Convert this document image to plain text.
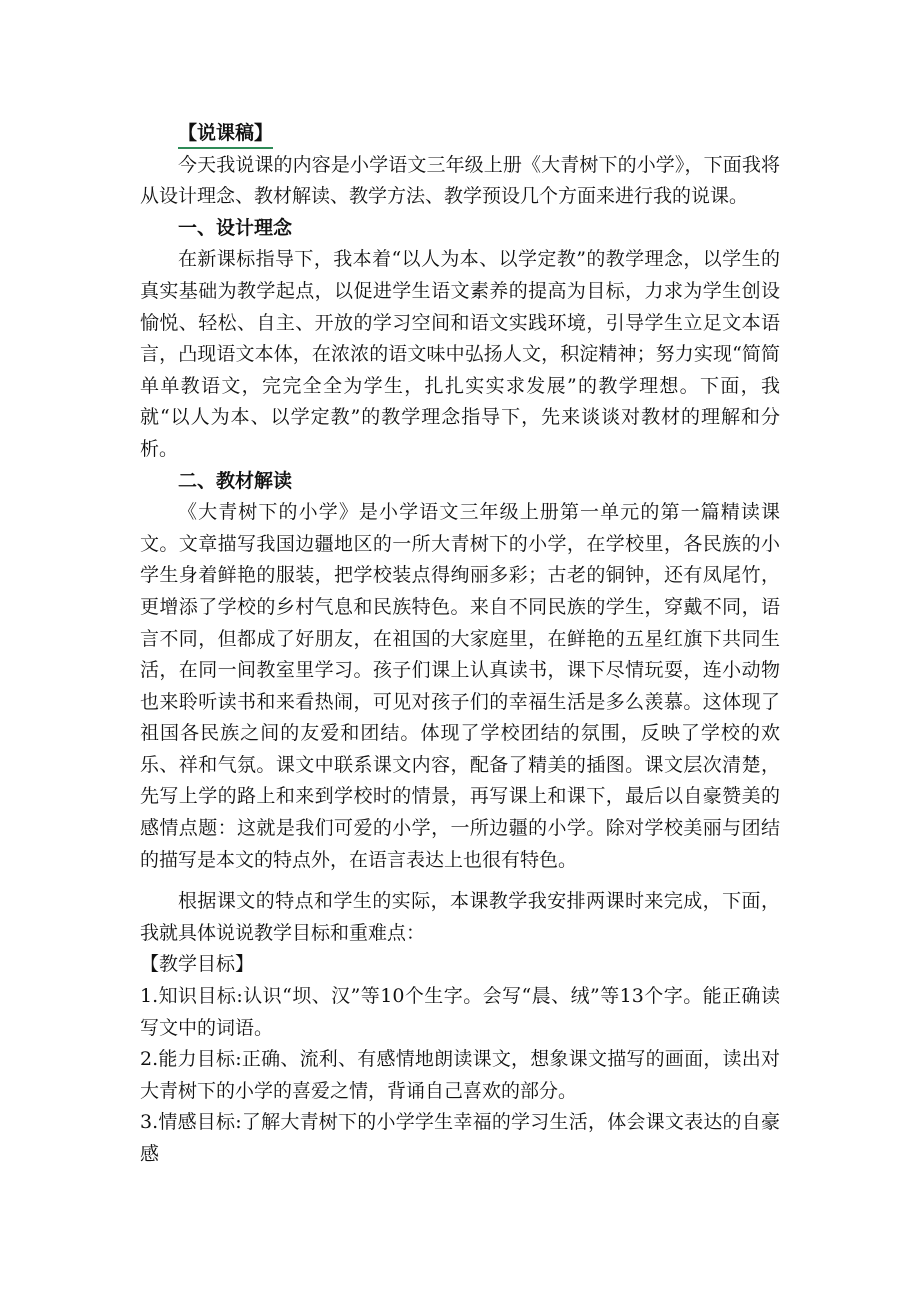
【说课稿】

今天我说课的内容是小学语文三年级上册《大青树下的小学》，下面我将从设计理念、教材解读、教学方法、教学预设几个方面来进行我的说课。

一、设计理念

在新课标指导下，我本着“以人为本、以学定教”的教学理念，以学生的真实基础为教学起点，以促进学生语文素养的提高为目标，力求为学生创设愉悦、轻松、自主、开放的学习空间和语文实践环境，引导学生立足文本语言，凸现语文本体，在浓浓的语文味中弘扬人文，积淀精神；努力实现“简简单单教语文，完完全全为学生，扎扎实实求发展”的教学理想。下面，我就“以人为本、以学定教”的教学理念指导下，先来谈谈对教材的理解和分析。

二、教材解读

《大青树下的小学》是小学语文三年级上册第一单元的第一篇精读课文。文章描写我国边疆地区的一所大青树下的小学，在学校里，各民族的小学生身着鲜艳的服装，把学校装点得绚丽多彩；古老的铜钟，还有凤尾竹，更增添了学校的乡村气息和民族特色。来自不同民族的学生，穿戴不同，语言不同，但都成了好朋友，在祖国的大家庭里，在鲜艳的五星红旗下共同生活，在同一间教室里学习。孩子们课上认真读书，课下尽情玩耍，连小动物也来聆听读书和来看热闹，可见对孩子们的幸福生活是多么羡慕。这体现了祖国各民族之间的友爱和团结。体现了学校团结的氛围，反映了学校的欢乐、祥和气氛。课文中联系课文内容，配备了精美的插图。课文层次清楚，先写上学的路上和来到学校时的情景，再写课上和课下，最后以自豪赞美的感情点题：这就是我们可爱的小学，一所边疆的小学。除对学校美丽与团结的描写是本文的特点外，在语言表达上也很有特色。

根据课文的特点和学生的实际，本课教学我安排两课时来完成，下面，我就具体说说教学目标和重难点：

【教学目标】

1.知识目标:认识“坝、汉”等10个生字。会写“晨、绒”等13个字。能正确读写文中的词语。

2.能力目标:正确、流利、有感情地朗读课文，想象课文描写的画面，读出对大青树下的小学的喜爱之情，背诵自己喜欢的部分。

3.情感目标:了解大青树下的小学学生幸福的学习生活，体会课文表达的自豪感
